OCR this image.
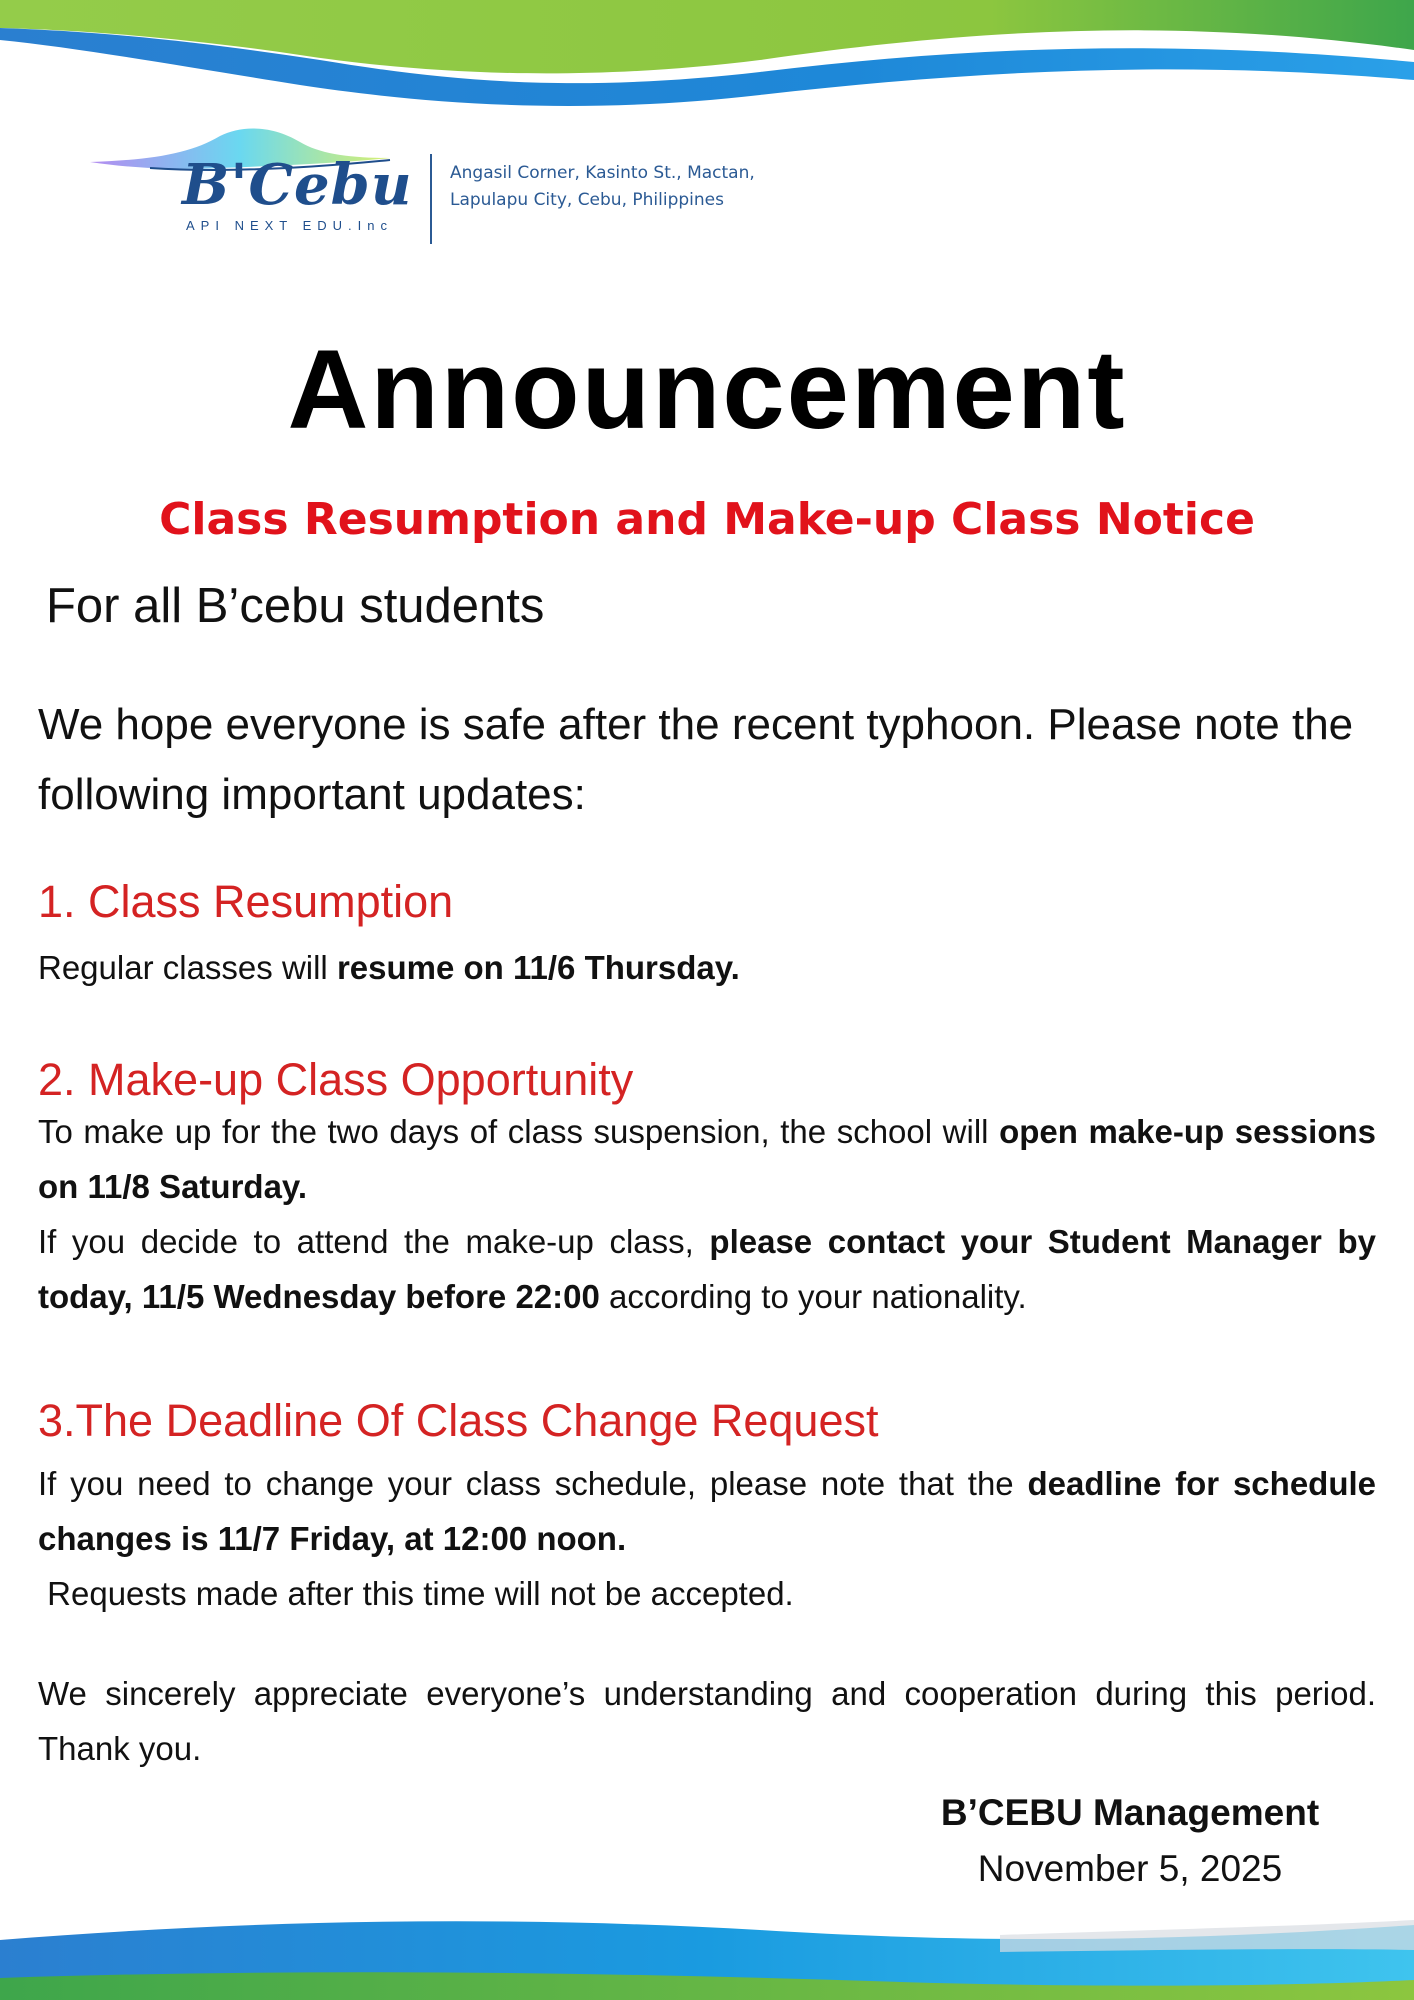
B'Cebu
API NEXT EDU.Inc
Angasil Corner, Kasinto St., Mactan,
Lapulapu City, Cebu, Philippines
Announcement
Class Resumption and Make-up Class Notice
For all B’cebu students
We hope everyone is safe after the recent typhoon. Please note the following important updates:
1. Class Resumption
Regular classes will resume on 11/6 Thursday.
2. Make-up Class Opportunity
To make up for the two days of class suspension, the school will open make-up sessions on 11/8 Saturday.
If you decide to attend the make-up class, please contact your Student Manager by today, 11/5 Wednesday before 22:00 according to your nationality.
3.The Deadline Of Class Change Request
If you need to change your class schedule, please note that the deadline for schedule changes is 11/7 Friday, at 12:00 noon.
Requests made after this time will not be accepted.
We sincerely appreciate everyone’s understanding and cooperation during this period. Thank you.
B’CEBU Management
November 5, 2025
